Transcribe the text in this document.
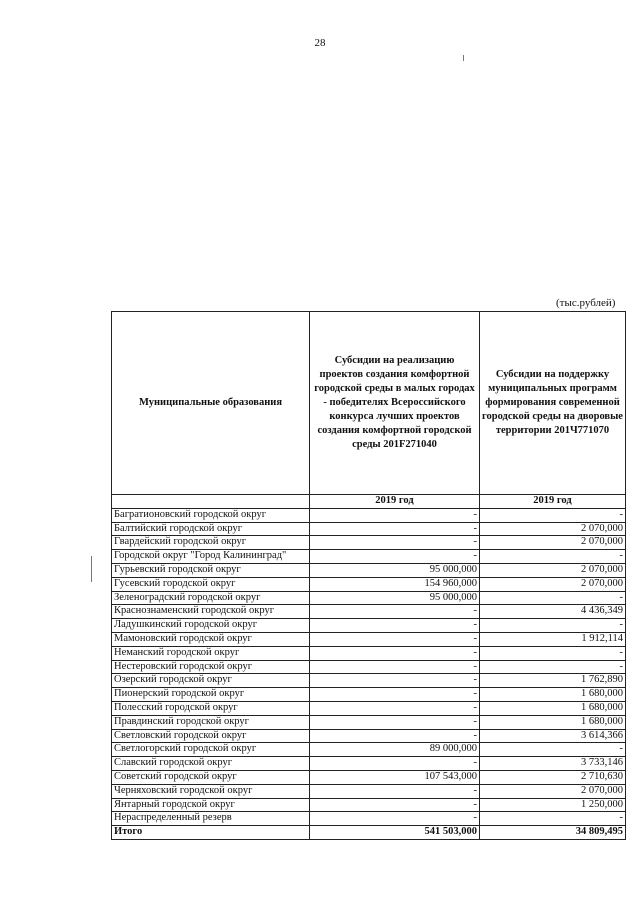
28
(тыс.рублей)
Муниципальные образования	Субсидии на реализацию проектов создания комфортной городской среды в малых городах - победителях Всероссийского конкурса лучших проектов создания комфортной городской среды 201F271040	Субсидии на поддержку муниципальных программ формирования современной городской среды на дворовые территории 201Ч771070
	2019 год	2019 год
Багратионовский городской округ	-	-
Балтийский городской округ	-	2 070,000
Гвардейский городской округ	-	2 070,000
Городской округ "Город Калининград"	-	-
Гурьевский городской округ	95 000,000	2 070,000
Гусевский городской округ	154 960,000	2 070,000
Зеленоградский городской округ	95 000,000	-
Краснознаменский городской округ	-	4 436,349
Ладушкинский городской округ	-	-
Мамоновский городской округ	-	1 912,114
Неманский городской округ	-	-
Нестеровский городской округ	-	-
Озерский городской округ	-	1 762,890
Пионерский городской округ	-	1 680,000
Полесский городской округ	-	1 680,000
Правдинский городской округ	-	1 680,000
Светловский городской округ	-	3 614,366
Светлогорский городской округ	89 000,000	-
Славский городской округ	-	3 733,146
Советский городской округ	107 543,000	2 710,630
Черняховский городской округ	-	2 070,000
Янтарный городской округ	-	1 250,000
Нераспределенный резерв	-	-
Итого	541 503,000	34 809,495
